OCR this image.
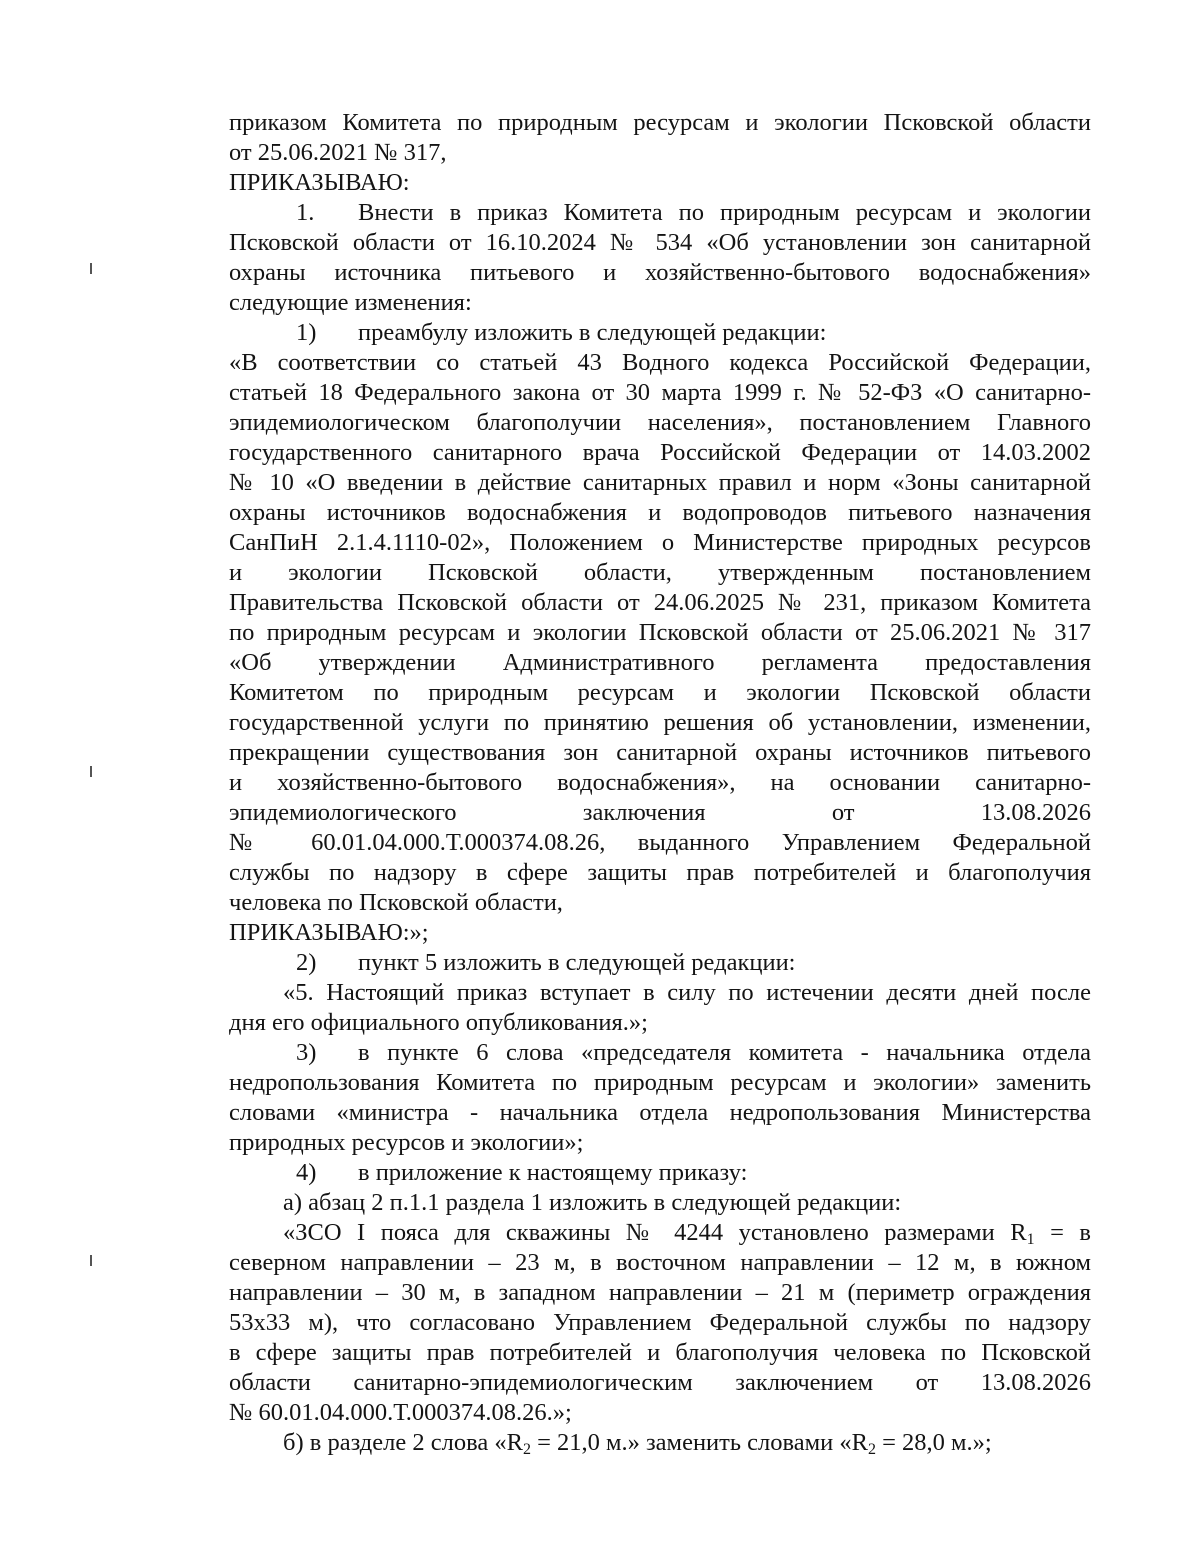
приказом Комитета по природным ресурсам и экологии Псковской области
от 25.06.2021 № 317,
ПРИКАЗЫВАЮ:
1. Внести в приказ Комитета по природным ресурсам и экологии
Псковской области от 16.10.2024 № 534 «Об установлении зон санитарной
охраны источника питьевого и хозяйственно-бытового водоснабжения»
следующие изменения:
1) преамбулу изложить в следующей редакции:
«В соответствии со статьей 43 Водного кодекса Российской Федерации,
статьей 18 Федерального закона от 30 марта 1999 г. № 52-ФЗ «О санитарно-
эпидемиологическом благополучии населения», постановлением Главного
государственного санитарного врача Российской Федерации от 14.03.2002
№ 10 «О введении в действие санитарных правил и норм «Зоны санитарной
охраны источников водоснабжения и водопроводов питьевого назначения
СанПиН 2.1.4.1110-02», Положением о Министерстве природных ресурсов
и экологии Псковской области, утвержденным постановлением
Правительства Псковской области от 24.06.2025 № 231, приказом Комитета
по природным ресурсам и экологии Псковской области от 25.06.2021 № 317
«Об утверждении Административного регламента предоставления
Комитетом по природным ресурсам и экологии Псковской области
государственной услуги по принятию решения об установлении, изменении,
прекращении существования зон санитарной охраны источников питьевого
и хозяйственно-бытового водоснабжения», на основании санитарно-
эпидемиологического заключения от 13.08.2026
№ 60.01.04.000.Т.000374.08.26, выданного Управлением Федеральной
службы по надзору в сфере защиты прав потребителей и благополучия
человека по Псковской области,
ПРИКАЗЫВАЮ:»;
2) пункт 5 изложить в следующей редакции:
«5. Настоящий приказ вступает в силу по истечении десяти дней после
дня его официального опубликования.»;
3) в пункте 6 слова «председателя комитета - начальника отдела
недропользования Комитета по природным ресурсам и экологии» заменить
словами «министра - начальника отдела недропользования Министерства
природных ресурсов и экологии»;
4) в приложение к настоящему приказу:
а) абзац 2 п.1.1 раздела 1 изложить в следующей редакции:
«ЗСО I пояса для скважины № 4244 установлено размерами $R_1 = в$
северном направлении – 23 м, в восточном направлении – 12 м, в южном
направлении – 30 м, в западном направлении – 21 м (периметр ограждения
53х33 м), что согласовано Управлением Федеральной службы по надзору
в сфере защиты прав потребителей и благополучия человека по Псковской
области санитарно-эпидемиологическим заключением от 13.08.2026
№ 60.01.04.000.Т.000374.08.26.»;
б) в разделе 2 слова «$R_2 = 21,0$ м.» заменить словами «$R_2 = 28,0$ м.»;
